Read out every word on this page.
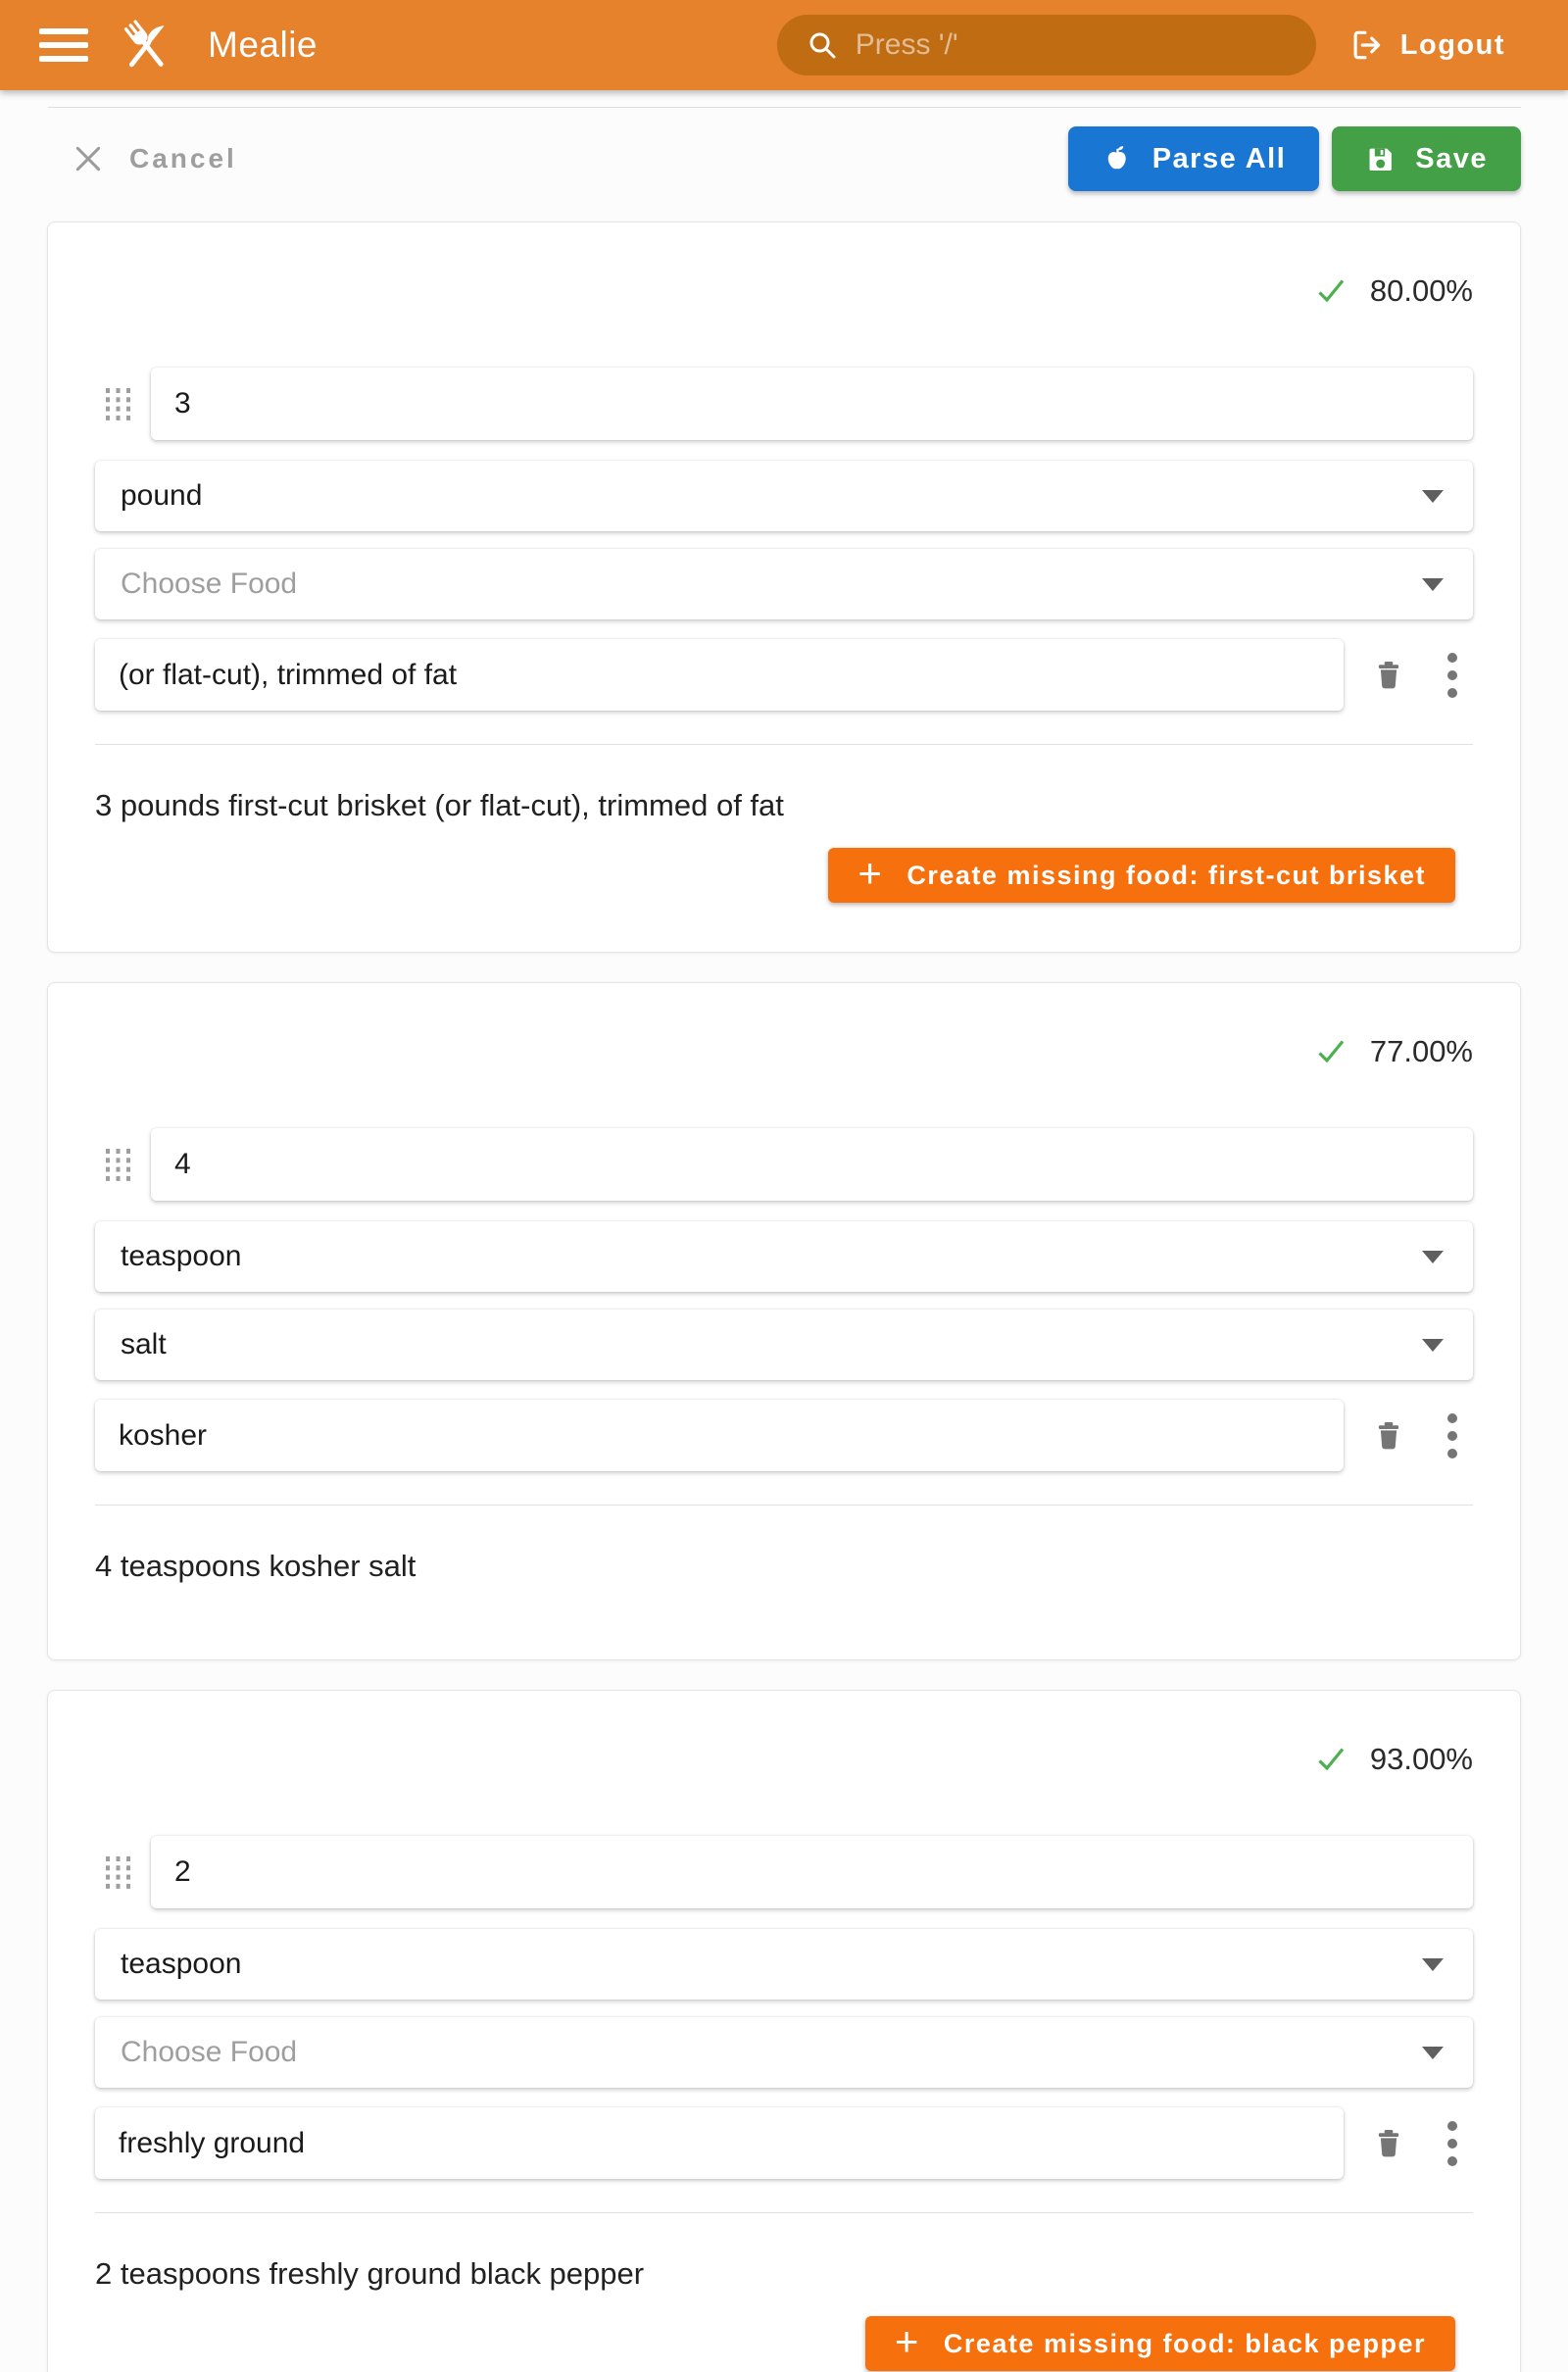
Mealie
Press '/'	Logout
Cancel	Parse All	Save
80.00%
3
pound
Choose Food
(or flat-cut), trimmed of fat

3 pounds first-cut brisket (or flat-cut), trimmed of fat

+ Create missing food: first-cut brisket
77.00%
4
teaspoon
salt
kosher

4 teaspoons kosher salt

93.00%
2
teaspoon
Choose Food
freshly ground

2 teaspoons freshly ground black pepper

+ Create missing food: black pepper
